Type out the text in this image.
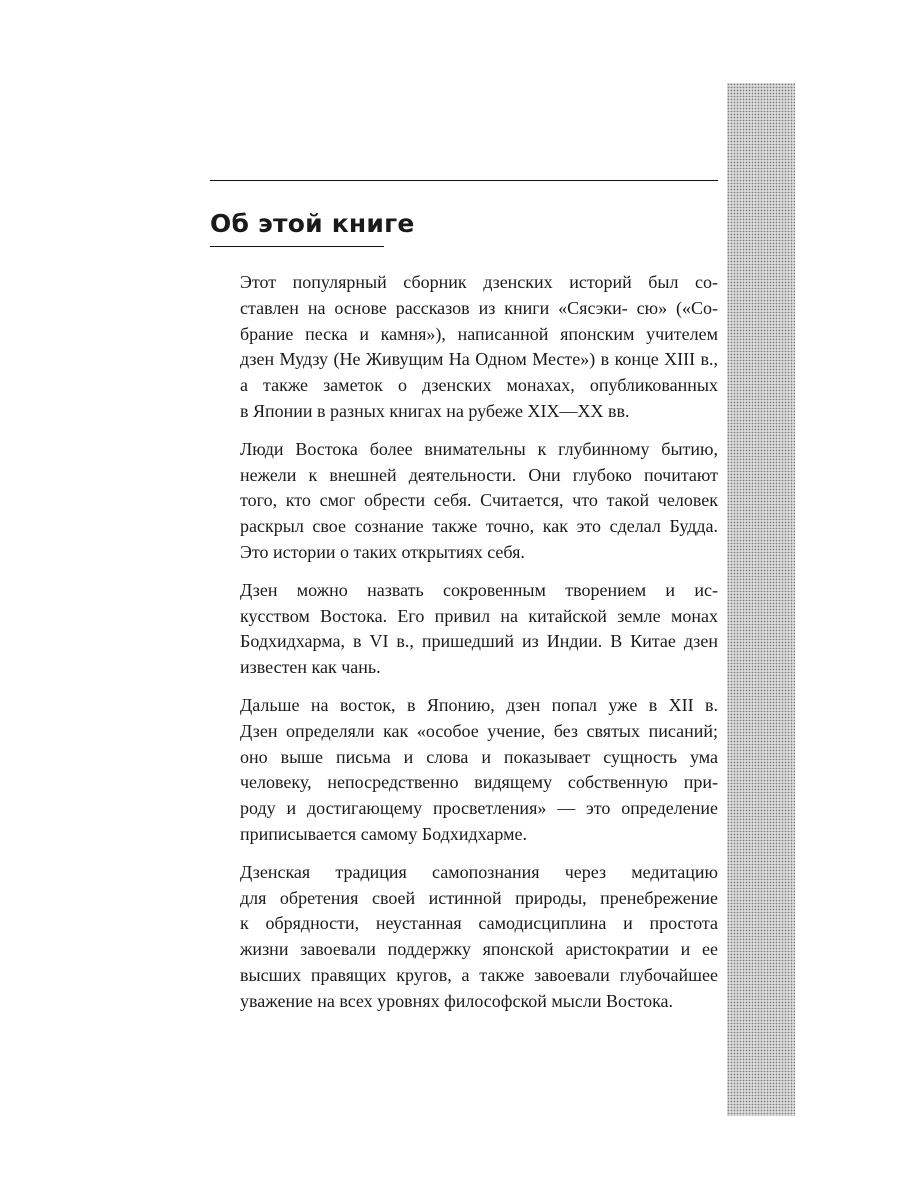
Об этой книге

Этот популярный сборник дзенских историй был со-
ставлен на основе рассказов из книги «Сясэки- сю» («Со-
брание песка и камня»), написанной японским учителем
дзен Мудзу (Не Живущим На Одном Месте») в конце XIII в.,
а также заметок о дзенских монахах, опубликованных
в Японии в разных книгах на рубеже XIX—XX вв.

Люди Востока более внимательны к глубинному бытию,
нежели к внешней деятельности. Они глубоко почитают
того, кто смог обрести себя. Считается, что такой человек
раскрыл свое сознание также точно, как это сделал Будда.
Это истории о таких открытиях себя.

Дзен можно назвать сокровенным творением и ис-
кусством Востока. Его привил на китайской земле монах
Бодхидхарма, в VI в., пришедший из Индии. В Китае дзен
известен как чань.

Дальше на восток, в Японию, дзен попал уже в XII в.
Дзен определяли как «особое учение, без святых писаний;
оно выше письма и слова и показывает сущность ума
человеку, непосредственно видящему собственную при-
роду и достигающему просветления» — это определение
приписывается самому Бодхидхарме.

Дзенская традиция самопознания через медитацию
для обретения своей истинной природы, пренебрежение
к обрядности, неустанная самодисциплина и простота
жизни завоевали поддержку японской аристократии и ее
высших правящих кругов, а также завоевали глубочайшее
уважение на всех уровнях философской мысли Востока.
